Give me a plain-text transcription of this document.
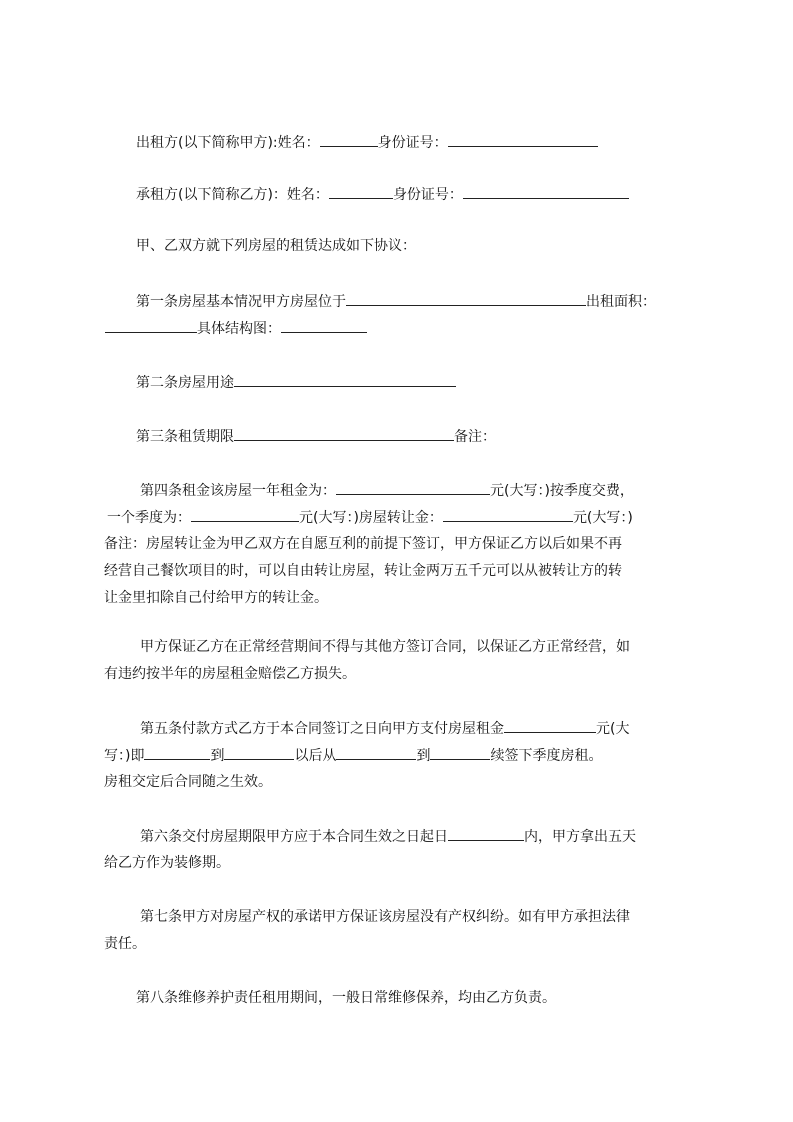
出租方(以下简称甲方):姓名：	身份证号：
承租方(以下简称乙方)：姓名：	身份证号：
甲、乙双方就下列房屋的租赁达成如下协议：
第一条房屋基本情况甲方房屋位于	出租面积：
具体结构图：
第二条房屋用途
第三条租赁期限	备注：
第四条租金该房屋一年租金为：	元(大写：)按季度交费，
一个季度为：	元(大写：)房屋转让金：	元(大写：)
备注：房屋转让金为甲乙双方在自愿互利的前提下签订，甲方保证乙方以后如果不再
经营自己餐饮项目的时，可以自由转让房屋，转让金两万五千元可以从被转让方的转
让金里扣除自己付给甲方的转让金。
甲方保证乙方在正常经营期间不得与其他方签订合同，以保证乙方正常经营，如
有违约按半年的房屋租金赔偿乙方损失。
第五条付款方式乙方于本合同签订之日向甲方支付房屋租金	元(大
写：)即	到	以后从	到	续签下季度房租。
房租交定后合同随之生效。
第六条交付房屋期限甲方应于本合同生效之日起日	内，甲方拿出五天
给乙方作为装修期。
第七条甲方对房屋产权的承诺甲方保证该房屋没有产权纠纷。如有甲方承担法律
责任。
第八条维修养护责任租用期间，一般日常维修保养，均由乙方负责。
